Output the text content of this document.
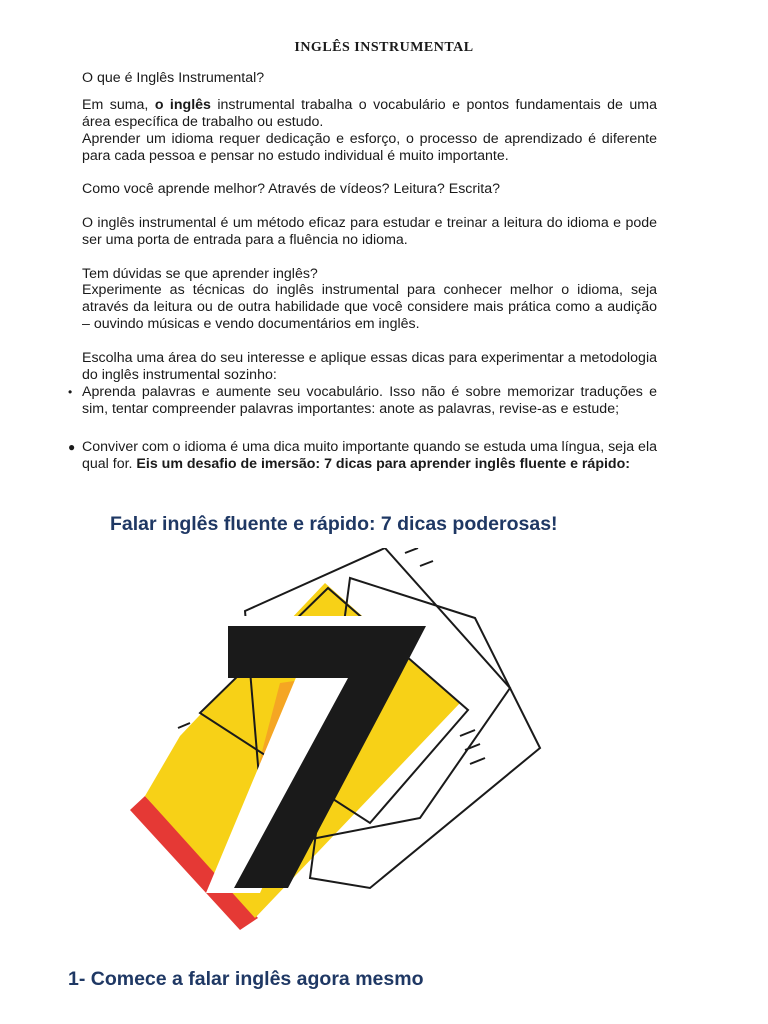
INGLÊS INSTRUMENTAL

O que é Inglês Instrumental?

Em suma, o inglês instrumental trabalha o vocabulário e pontos fundamentais de uma área específica de trabalho ou estudo.

Aprender um idioma requer dedicação e esforço, o processo de aprendizado é diferente para cada pessoa e pensar no estudo individual é muito importante.

Como você aprende melhor? Através de vídeos? Leitura? Escrita?

O inglês instrumental é um método eficaz para estudar e treinar a leitura do idioma e pode ser uma porta de entrada para a fluência no idioma.

Tem dúvidas se que aprender inglês?

Experimente as técnicas do inglês instrumental para conhecer melhor o idioma, seja através da leitura ou de outra habilidade que você considere mais prática como a audição – ouvindo músicas e vendo documentários em inglês.

Escolha uma área do seu interesse e aplique essas dicas para experimentar a metodologia do inglês instrumental sozinho:

• Aprenda palavras e aumente seu vocabulário. Isso não é sobre memorizar traduções e sim, tentar compreender palavras importantes: anote as palavras, revise-as e estude;

● Conviver com o idioma é uma dica muito importante quando se estuda uma língua, seja ela qual for. Eis um desafio de imersão: 7 dicas para aprender inglês fluente e rápido:

Falar inglês fluente e rápido: 7 dicas poderosas!
1- Comece a falar inglês agora mesmo
